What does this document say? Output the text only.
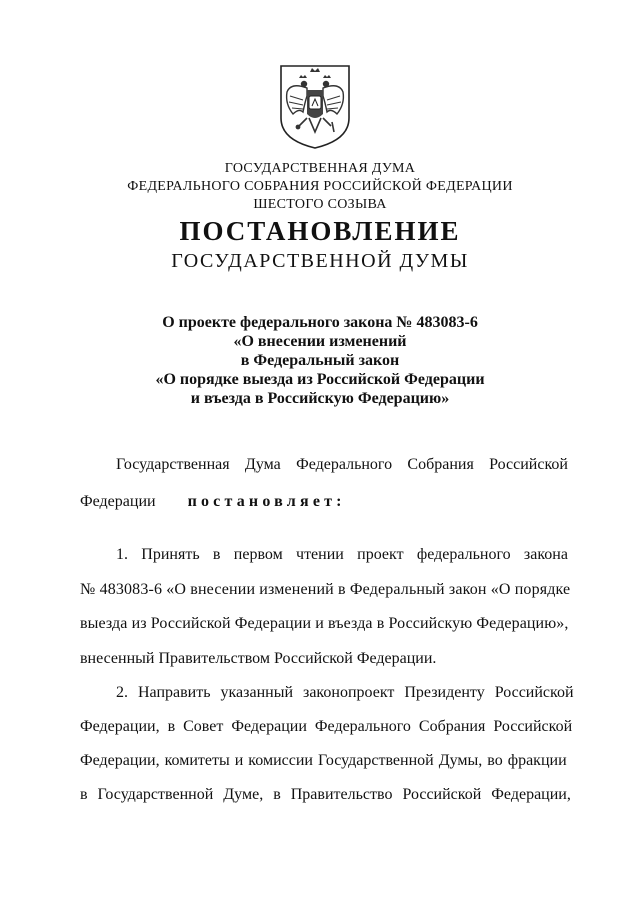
ГОСУДАРСТВЕННАЯ ДУМА
ФЕДЕРАЛЬНОГО СОБРАНИЯ РОССИЙСКОЙ ФЕДЕРАЦИИ
ШЕСТОГО СОЗЫВА
ПОСТАНОВЛЕНИЕ
ГОСУДАРСТВЕННОЙ ДУМЫ
О проекте федерального закона № 483083-6
«О внесении изменений
в Федеральный закон
«О порядке выезда из Российской Федерации
и въезда в Российскую Федерацию»
Государственная Дума Федерального Собрания Российской
Федерации постановляет:
1. Принять в первом чтении проект федерального закона
№ 483083-6 «О внесении изменений в Федеральный закон «О порядке
выезда из Российской Федерации и въезда в Российскую Федерацию»,
внесенный Правительством Российской Федерации.
2. Направить указанный законопроект Президенту Российской
Федерации, в Совет Федерации Федерального Собрания Российской
Федерации, комитеты и комиссии Государственной Думы, во фракции
в Государственной Думе, в Правительство Российской Федерации,
